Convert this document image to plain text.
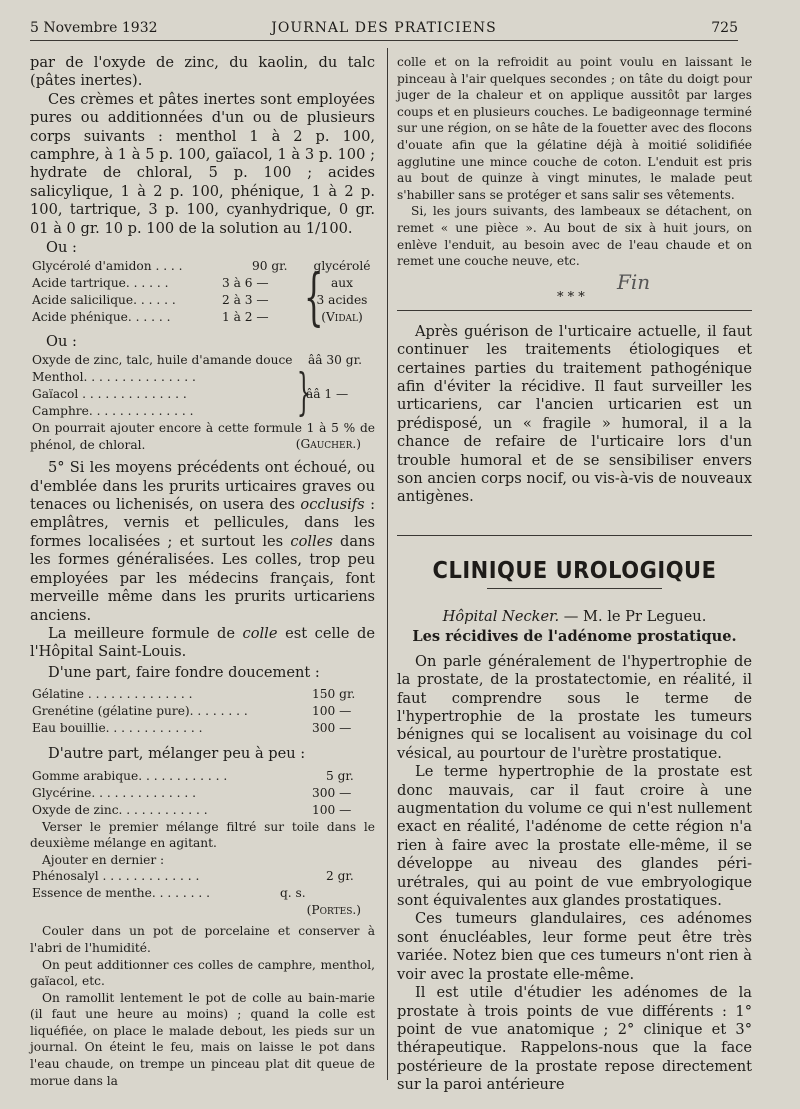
5 Novembre 1932	JOURNAL DES PRATICIENS	725

par de l'oxyde de zinc, du kaolin, du talc (pâtes inertes).

Ces crèmes et pâtes inertes sont employées pures ou additionnées d'un ou de plusieurs corps suivants : menthol 1 à 2 p. 100, camphre, à 1 à 5 p. 100, gaïacol, 1 à 3 p. 100 ; hydrate de chloral, 5 p. 100 ; acides salicylique, 1 à 2 p. 100, phénique, 1 à 2 p. 100, tartrique, 3 p. 100, cyanhydrique, 0 gr. 01 à 0 gr. 10 p. 100 de la solution au 1/100.

Ou :

Glycérolé d'amidon . . . .	90 gr.
Acide tartrique. . . . . .	3 à 6 —
Acide salicilique. . . . . .	2 à 3 —
Acide phénique. . . . . .	1 à 2 — {
glycérolé
aux
3 acides
(Vidal)

Ou :

Oxyde de zinc, talc, huile d'amande douce ââ 30 gr.
Menthol. . . . . . . . . . . . . . .
Gaïacol . . . . . . . . . . . . . .	ââ 1 —
Camphre. . . . . . . . . . . . . . }

On pourrait ajouter encore à cette formule 1 à 5 % de phénol, de chloral.	(Gaucher.)

5° Si les moyens précédents ont échoué, ou d'emblée dans les prurits urticaires graves ou tenaces ou lichenisés, on usera des occlusifs : emplâtres, vernis et pellicules, dans les formes localisées ; et surtout les colles dans les formes généralisées. Les colles, trop peu employées par les médecins français, font merveille même dans les prurits urticariens anciens.

La meilleure formule de colle est celle de l'Hôpital Saint-Louis.

D'une part, faire fondre doucement :

Gélatine . . . . . . . . . . . . . .	150 gr.
Grenétine (gélatine pure). . . . . . . .	100 —
Eau bouillie. . . . . . . . . . . . .	300 —

D'autre part, mélanger peu à peu :

Gomme arabique. . . . . . . . . . . .	5 gr.
Glycérine. . . . . . . . . . . . . .	300 —
Oxyde de zinc. . . . . . . . . . . .	100 —

Verser le premier mélange filtré sur toile dans le deuxième mélange en agitant.

Ajouter en dernier :

Phénosalyl . . . . . . . . . . . . .	2 gr.
Essence de menthe. . . . . . . .	q. s.

(Portes.)

Couler dans un pot de porcelaine et conserver à l'abri de l'humidité.

On peut additionner ces colles de camphre, menthol, gaïacol, etc.

On ramollit lentement le pot de colle au bain-marie (il faut une heure au moins) ; quand la colle est liquéfiée, on place le malade debout, les pieds sur un journal. On éteint le feu, mais on laisse le pot dans l'eau chaude, on trempe un pinceau plat dit queue de morue dans la

colle et on la refroidit au point voulu en laissant le pinceau à l'air quelques secondes ; on tâte du doigt pour juger de la chaleur et on applique aussitôt par larges coups et en plusieurs couches. Le badigeonnage terminé sur une région, on se hâte de la fouetter avec des flocons d'ouate afin que la gélatine déjà à moitié solidifiée agglutine une mince couche de coton. L'enduit est pris au bout de quinze à vingt minutes, le malade peut s'habiller sans se protéger et sans salir ses vêtements.

Si, les jours suivants, des lambeaux se détachent, on remet « une pièce ». Au bout de six à huit jours, on enlève l'enduit, au besoin avec de l'eau chaude et on remet une couche neuve, etc.

Fin
* * *

Après guérison de l'urticaire actuelle, il faut continuer les traitements étiologiques et certaines parties du traitement pathogénique afin d'éviter la récidive. Il faut surveiller les urticariens, car l'ancien urticarien est un prédisposé, un « fragile » humoral, il a la chance de refaire de l'urticaire lors d'un trouble humoral et de se sensibiliser envers son ancien corps nocif, ou vis-à-vis de nouveaux antigènes.

CLINIQUE UROLOGIQUE

Hôpital Necker. — M. le Pr Legueu.

Les récidives de l'adénome prostatique.

On parle généralement de l'hypertrophie de la prostate, de la prostatectomie, en réalité, il faut comprendre sous le terme de l'hypertrophie de la prostate les tumeurs bénignes qui se localisent au voisinage du col vésical, au pourtour de l'urètre prostatique.

Le terme hypertrophie de la prostate est donc mauvais, car il faut croire à une augmentation du volume ce qui n'est nullement exact en réalité, l'adénome de cette région n'a rien à faire avec la prostate elle-même, il se développe au niveau des glandes péri-urétrales, qui au point de vue embryologique sont équivalentes aux glandes prostatiques.

Ces tumeurs glandulaires, ces adénomes sont énucléables, leur forme peut être très variée. Notez bien que ces tumeurs n'ont rien à voir avec la prostate elle-même.

Il est utile d'étudier les adénomes de la prostate à trois points de vue différents : 1° point de vue anatomique ; 2° clinique et 3° thérapeutique. Rappelons-nous que la face postérieure de la prostate repose directement sur la paroi antérieure
